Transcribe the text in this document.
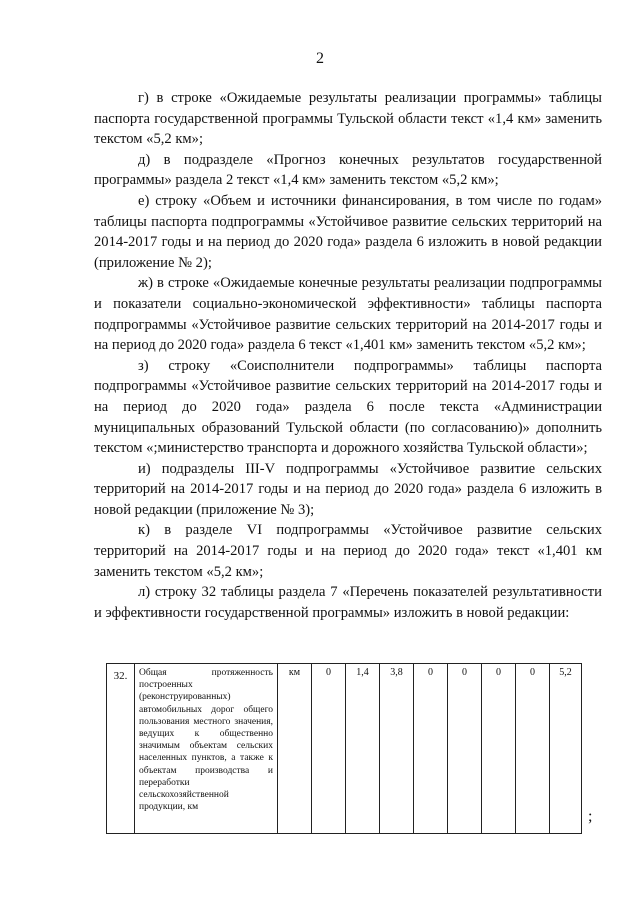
2

г) в строке «Ожидаемые результаты реализации программы» таблицы паспорта государственной программы Тульской области текст «1,4 км» заменить текстом «5,2 км»;

д) в подразделе «Прогноз конечных результатов государственной программы» раздела 2 текст «1,4 км» заменить текстом «5,2 км»;

е) строку «Объем и источники финансирования, в том числе по годам» таблицы паспорта подпрограммы «Устойчивое развитие сельских территорий на 2014-2017 годы и на период до 2020 года» раздела 6 изложить в новой редакции (приложение № 2);

ж) в строке «Ожидаемые конечные результаты реализации подпрограммы и показатели социально-экономической эффективности» таблицы паспорта подпрограммы «Устойчивое развитие сельских территорий на 2014-2017 годы и на период до 2020 года» раздела 6 текст «1,401 км» заменить текстом «5,2 км»;

з) строку «Соисполнители подпрограммы» таблицы паспорта подпрограммы «Устойчивое развитие сельских территорий на 2014-2017 годы и на период до 2020 года» раздела 6 после текста «Администрации муниципальных образований Тульской области (по согласованию)» дополнить текстом «;министерство транспорта и дорожного хозяйства Тульской области»;

и) подразделы III-V подпрограммы «Устойчивое развитие сельских территорий на 2014-2017 годы и на период до 2020 года» раздела 6 изложить в новой редакции (приложение № 3);

к) в разделе VI подпрограммы «Устойчивое развитие сельских территорий на 2014-2017 годы и на период до 2020 года» текст «1,401 км заменить текстом «5,2 км»;

л) строку 32 таблицы раздела 7 «Перечень показателей результативности и эффективности государственной программы» изложить в новой редакции:

32.	Общая протяженность построенных (реконструированных) автомобильных дорог общего пользования местного значения, ведущих к общественно значимым объектам сельских населенных пунктов, а также к объектам производства и переработки сельскохозяйственной продукции, км	км	0	1,4	3,8	0	0	0	0	5,2
;
